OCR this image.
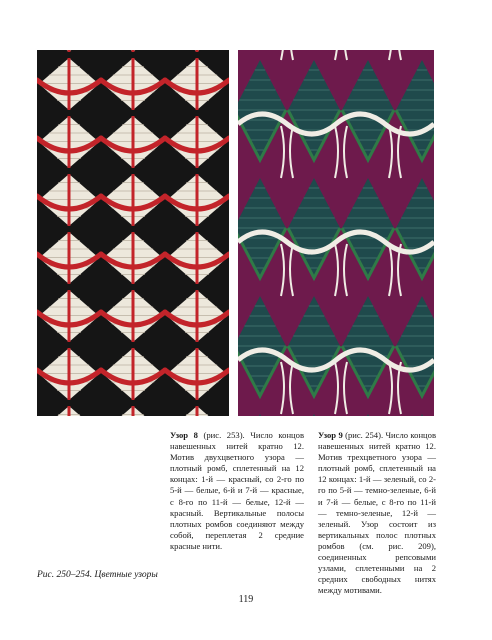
Узор 8 (рис. 253). Число концов навешенных нитей кратно 12. Мотив двухцветного узора — плотный ромб, сплетенный на 12 концах: 1-й — красный, со 2-го по 5-й — белые, 6-й и 7-й — красные, с 8-го по 11-й — белые, 12-й — красный. Вертикальные полосы плотных ромбов соединяют между собой, переплетая 2 средние красные нити.
Узор 9 (рис. 254). Число концов навешенных нитей кратно 12. Мотив трехцветного узора — плотный ромб, сплетенный на 12 концах: 1-й — зеленый, со 2-го по 5-й — темно-зеленые, 6-й и 7-й — белые, с 8-го по 11-й — темно-зеленые, 12-й — зеленый. Узор состоит из вертикальных полос плотных ромбов (см. рис. 209), соединенных репсовыми узлами, сплетенными на 2 средних свободных нитях между мотивами.
Рис. 250–254. Цветные узоры
119
